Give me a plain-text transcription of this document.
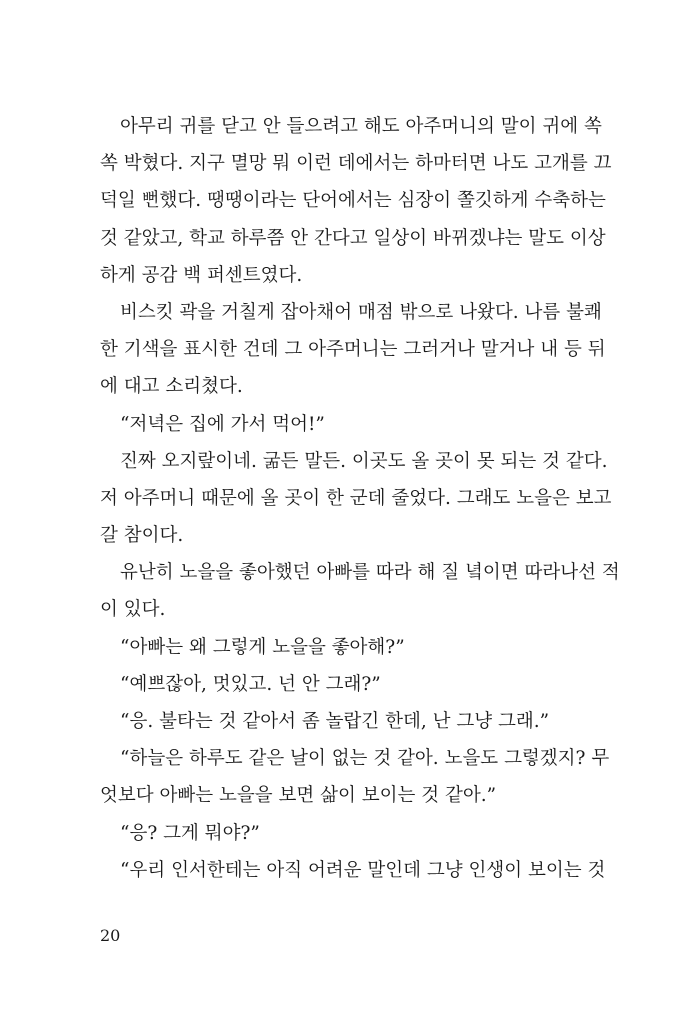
아무리 귀를 닫고 안 들으려고 해도 아주머니의 말이 귀에 쏙
쏙 박혔다. 지구 멸망 뭐 이런 데에서는 하마터면 나도 고개를 끄
덕일 뻔했다. 땡땡이라는 단어에서는 심장이 쫄깃하게 수축하는
것 같았고, 학교 하루쯤 안 간다고 일상이 바뀌겠냐는 말도 이상
하게 공감 백 퍼센트였다.
비스킷 곽을 거칠게 잡아채어 매점 밖으로 나왔다. 나름 불쾌
한 기색을 표시한 건데 그 아주머니는 그러거나 말거나 내 등 뒤
에 대고 소리쳤다.
“저녁은 집에 가서 먹어!”
진짜 오지랖이네. 굶든 말든. 이곳도 올 곳이 못 되는 것 같다.
저 아주머니 때문에 올 곳이 한 군데 줄었다. 그래도 노을은 보고
갈 참이다.
유난히 노을을 좋아했던 아빠를 따라 해 질 녘이면 따라나선 적
이 있다.
“아빠는 왜 그렇게 노을을 좋아해?”
“예쁘잖아, 멋있고. 넌 안 그래?”
“응. 불타는 것 같아서 좀 놀랍긴 한데, 난 그냥 그래.”
“하늘은 하루도 같은 날이 없는 것 같아. 노을도 그렇겠지? 무
엇보다 아빠는 노을을 보면 삶이 보이는 것 같아.”
“응? 그게 뭐야?”
“우리 인서한테는 아직 어려운 말인데 그냥 인생이 보이는 것
20
